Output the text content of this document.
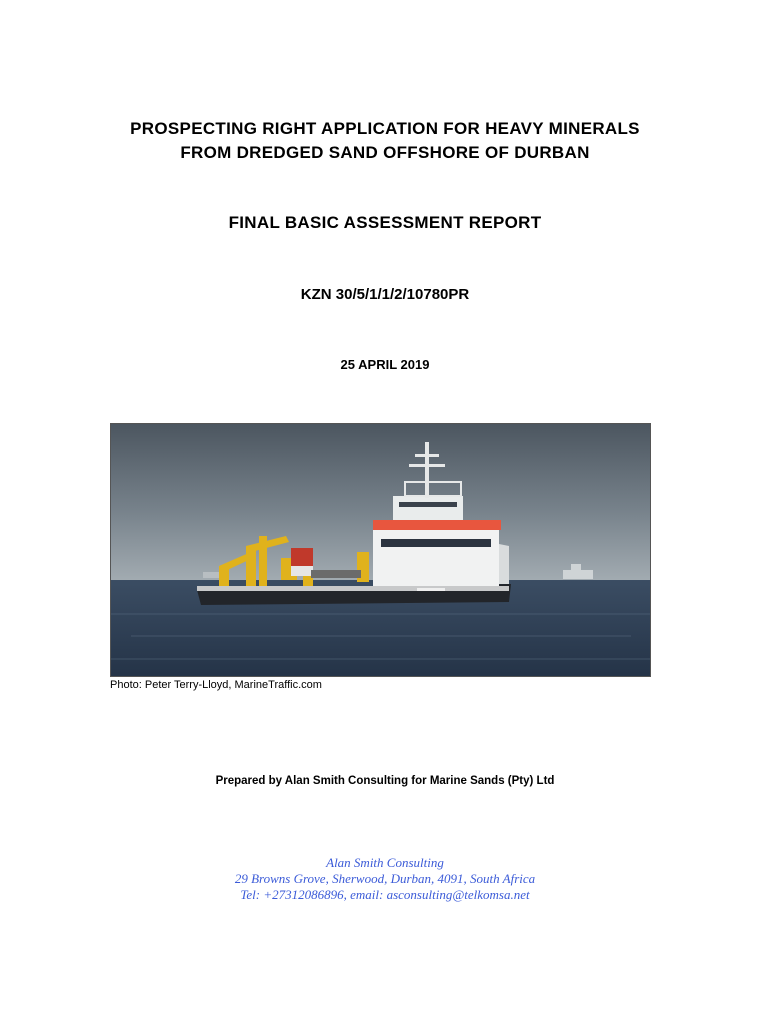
PROSPECTING RIGHT APPLICATION FOR HEAVY MINERALS
FROM DREDGED SAND OFFSHORE OF DURBAN
FINAL BASIC ASSESSMENT REPORT
KZN 30/5/1/1/2/10780PR
25 APRIL 2019
Photo: Peter Terry-Lloyd, MarineTraffic.com
Prepared by Alan Smith Consulting for Marine Sands (Pty) Ltd
Alan Smith Consulting
29 Browns Grove, Sherwood, Durban, 4091, South Africa
Tel: +27312086896, email: asconsulting@telkomsa.net
